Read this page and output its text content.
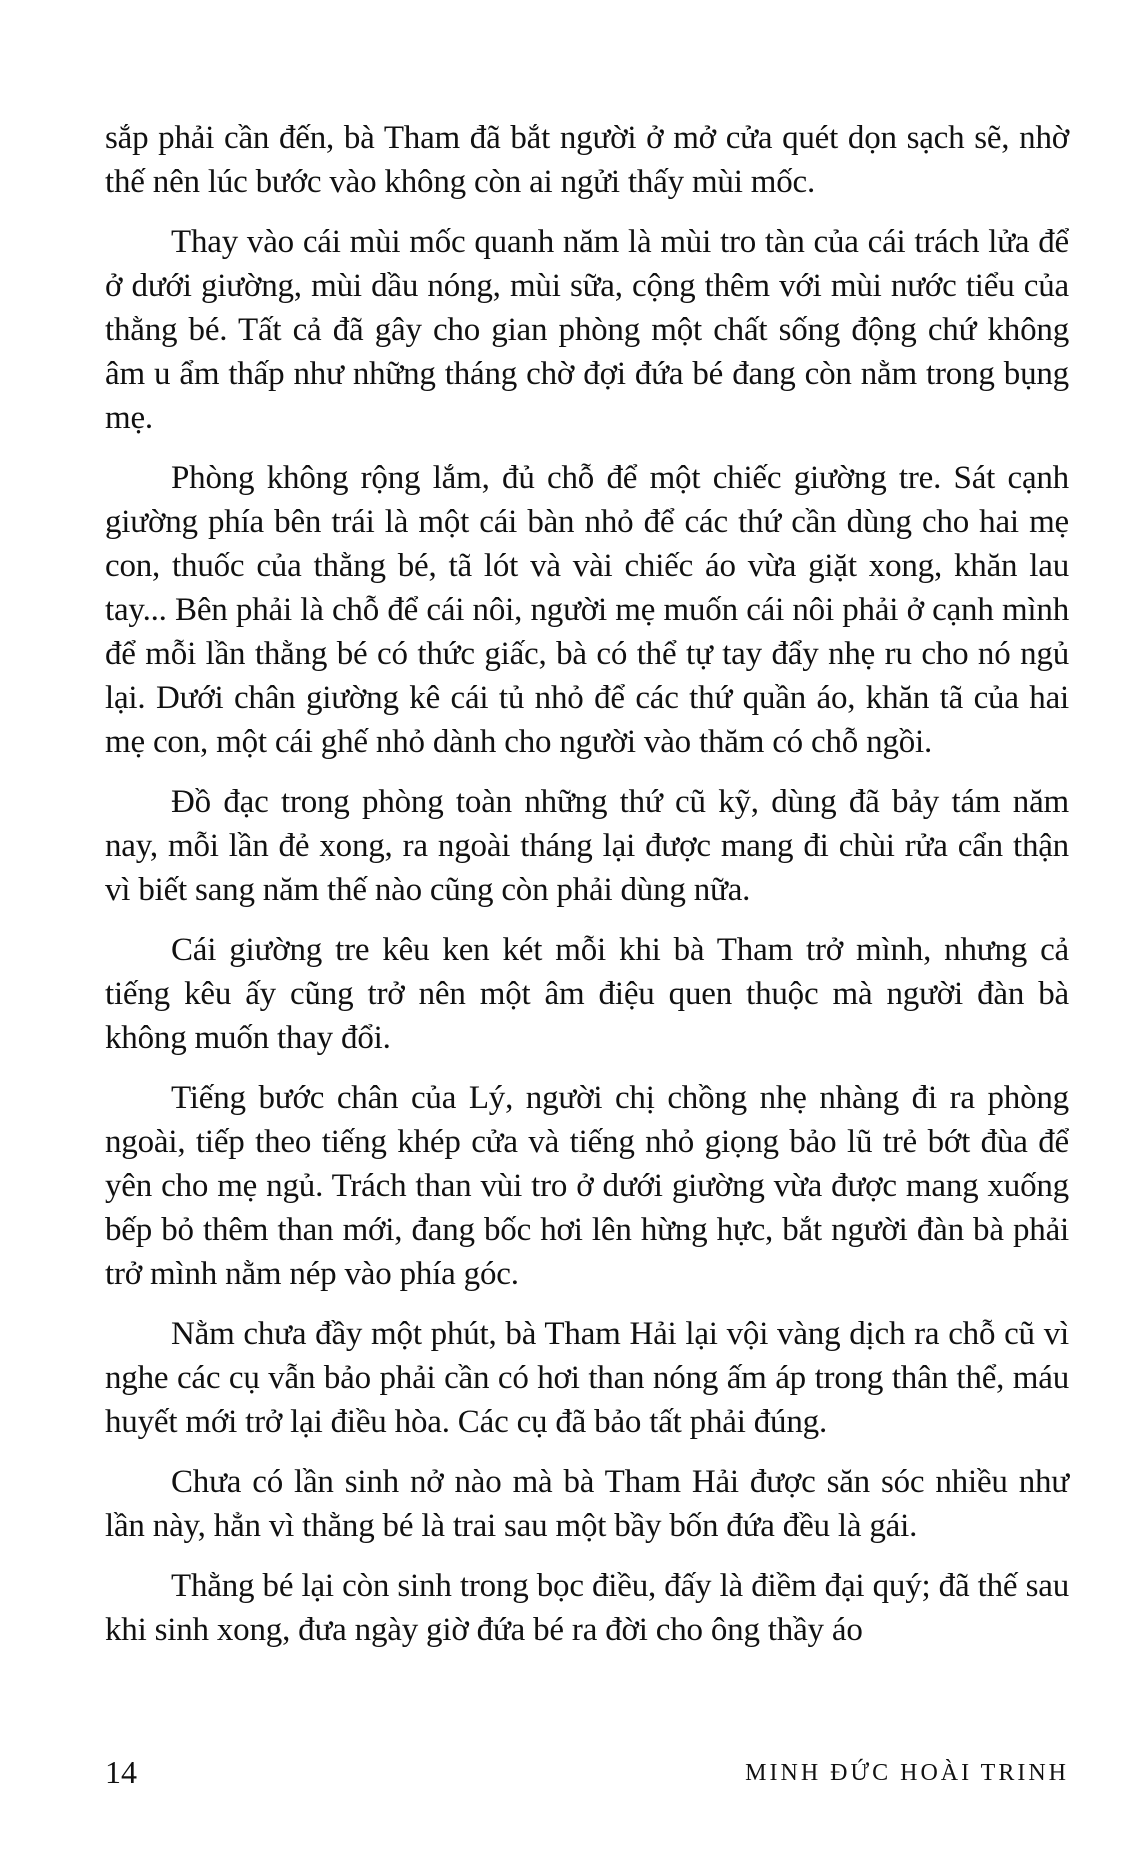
sắp phải cần đến, bà Tham đã bắt người ở mở cửa quét dọn sạch sẽ, nhờ thế nên lúc bước vào không còn ai ngửi thấy mùi mốc.

Thay vào cái mùi mốc quanh năm là mùi tro tàn của cái trách lửa để ở dưới giường, mùi dầu nóng, mùi sữa, cộng thêm với mùi nước tiểu của thằng bé. Tất cả đã gây cho gian phòng một chất sống động chứ không âm u ẩm thấp như những tháng chờ đợi đứa bé đang còn nằm trong bụng mẹ.

Phòng không rộng lắm, đủ chỗ để một chiếc giường tre. Sát cạnh giường phía bên trái là một cái bàn nhỏ để các thứ cần dùng cho hai mẹ con, thuốc của thằng bé, tã lót và vài chiếc áo vừa giặt xong, khăn lau tay... Bên phải là chỗ để cái nôi, người mẹ muốn cái nôi phải ở cạnh mình để mỗi lần thằng bé có thức giấc, bà có thể tự tay đẩy nhẹ ru cho nó ngủ lại. Dưới chân giường kê cái tủ nhỏ để các thứ quần áo, khăn tã của hai mẹ con, một cái ghế nhỏ dành cho người vào thăm có chỗ ngồi.

Đồ đạc trong phòng toàn những thứ cũ kỹ, dùng đã bảy tám năm nay, mỗi lần đẻ xong, ra ngoài tháng lại được mang đi chùi rửa cẩn thận vì biết sang năm thế nào cũng còn phải dùng nữa.

Cái giường tre kêu ken két mỗi khi bà Tham trở mình, nhưng cả tiếng kêu ấy cũng trở nên một âm điệu quen thuộc mà người đàn bà không muốn thay đổi.

Tiếng bước chân của Lý, người chị chồng nhẹ nhàng đi ra phòng ngoài, tiếp theo tiếng khép cửa và tiếng nhỏ giọng bảo lũ trẻ bớt đùa để yên cho mẹ ngủ. Trách than vùi tro ở dưới giường vừa được mang xuống bếp bỏ thêm than mới, đang bốc hơi lên hừng hực, bắt người đàn bà phải trở mình nằm nép vào phía góc.

Nằm chưa đầy một phút, bà Tham Hải lại vội vàng dịch ra chỗ cũ vì nghe các cụ vẫn bảo phải cần có hơi than nóng ấm áp trong thân thể, máu huyết mới trở lại điều hòa. Các cụ đã bảo tất phải đúng.

Chưa có lần sinh nở nào mà bà Tham Hải được săn sóc nhiều như lần này, hẳn vì thằng bé là trai sau một bầy bốn đứa đều là gái.

Thằng bé lại còn sinh trong bọc điều, đấy là điềm đại quý; đã thế sau khi sinh xong, đưa ngày giờ đứa bé ra đời cho ông thầy áo

14	MINH ĐỨC HOÀI TRINH
